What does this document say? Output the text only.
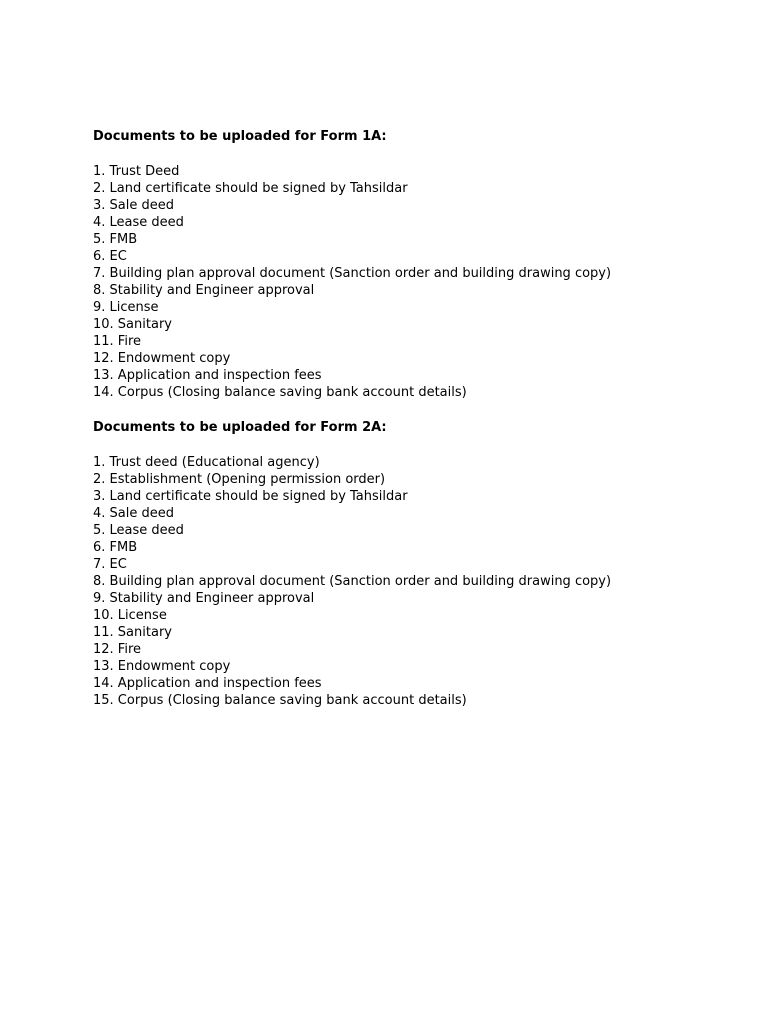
Documents to be uploaded for Form 1A:
1. Trust Deed
2. Land certificate should be signed by Tahsildar
3. Sale deed
4. Lease deed
5. FMB
6. EC
7. Building plan approval document (Sanction order and building drawing copy)
8. Stability and Engineer approval
9. License
10. Sanitary
11. Fire
12. Endowment copy
13. Application and inspection fees
14. Corpus (Closing balance saving bank account details)
Documents to be uploaded for Form 2A:
1. Trust deed (Educational agency)
2. Establishment (Opening permission order)
3. Land certificate should be signed by Tahsildar
4. Sale deed
5. Lease deed
6. FMB
7. EC
8. Building plan approval document (Sanction order and building drawing copy)
9. Stability and Engineer approval
10. License
11. Sanitary
12. Fire
13. Endowment copy
14. Application and inspection fees
15. Corpus (Closing balance saving bank account details)
